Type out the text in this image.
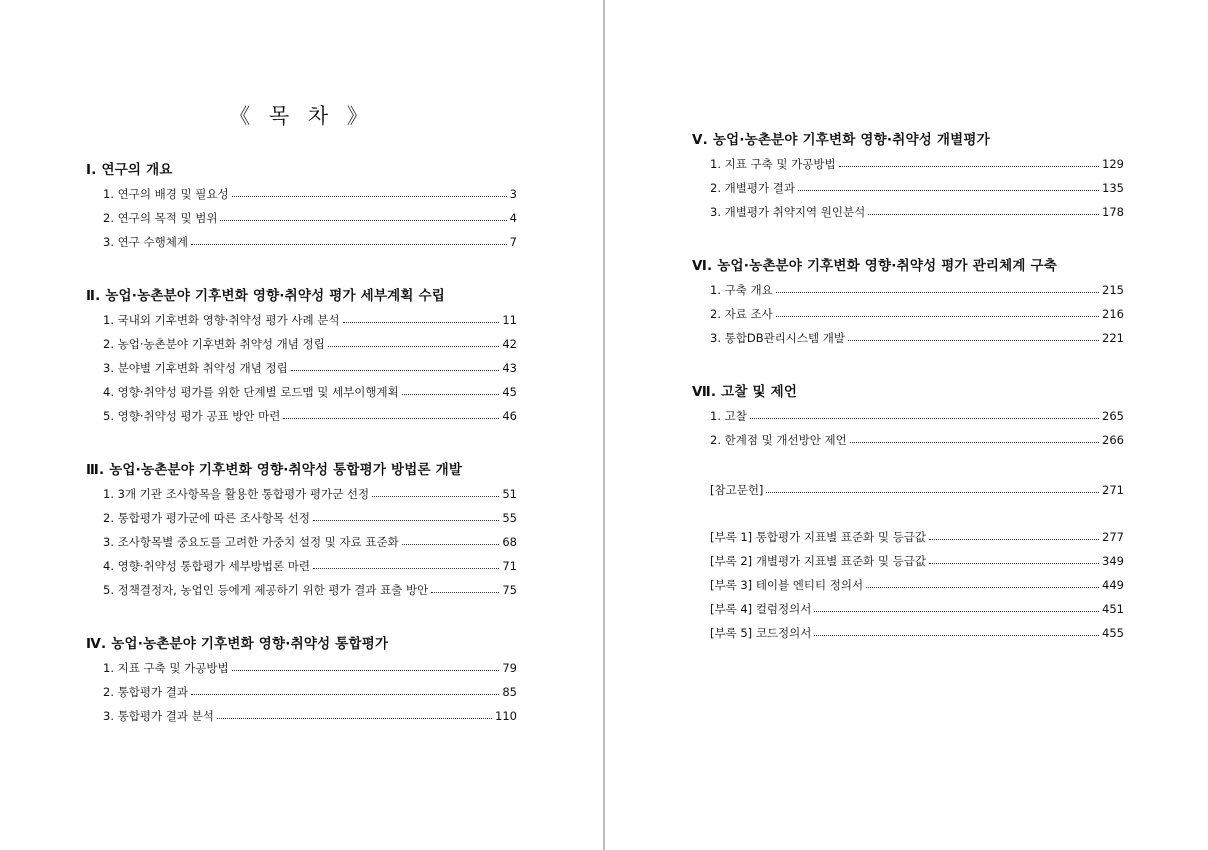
《 목 차 》
Ⅰ. 연구의 개요
1. 연구의 배경 및 필요성	3
2. 연구의 목적 및 범위	4
3. 연구 수행체계	7
Ⅱ. 농업·농촌분야 기후변화 영향·취약성 평가 세부계획 수립
1. 국내외 기후변화 영향·취약성 평가 사례 분석	11
2. 농업·농촌분야 기후변화 취약성 개념 정립	42
3. 분야별 기후변화 취약성 개념 정립	43
4. 영향·취약성 평가를 위한 단계별 로드맵 및 세부이행계획	45
5. 영향·취약성 평가 공표 방안 마련	46
Ⅲ. 농업·농촌분야 기후변화 영향·취약성 통합평가 방법론 개발
1. 3개 기관 조사항목을 활용한 통합평가 평가군 선정	51
2. 통합평가 평가군에 따른 조사항목 선정	55
3. 조사항목별 중요도를 고려한 가중치 설정 및 자료 표준화	68
4. 영향·취약성 통합평가 세부방법론 마련	71
5. 정책결정자, 농업인 등에게 제공하기 위한 평가 결과 표출 방안	75
Ⅳ. 농업·농촌분야 기후변화 영향·취약성 통합평가
1. 지표 구축 및 가공방법	79
2. 통합평가 결과	85
3. 통합평가 결과 분석	110
Ⅴ. 농업·농촌분야 기후변화 영향·취약성 개별평가
1. 지표 구축 및 가공방법	129
2. 개별평가 결과	135
3. 개별평가 취약지역 원인분석	178
Ⅵ. 농업·농촌분야 기후변화 영향·취약성 평가 관리체계 구축
1. 구축 개요	215
2. 자료 조사	216
3. 통합DB관리시스템 개발	221
Ⅶ. 고찰 및 제언
1. 고찰	265
2. 한계점 및 개선방안 제언	266
[참고문헌]	271
[부록 1] 통합평가 지표별 표준화 및 등급값	277
[부록 2] 개별평가 지표별 표준화 및 등급값	349
[부록 3] 테이블 엔티티 정의서	449
[부록 4] 컬럼정의서	451
[부록 5] 코드정의서	455
